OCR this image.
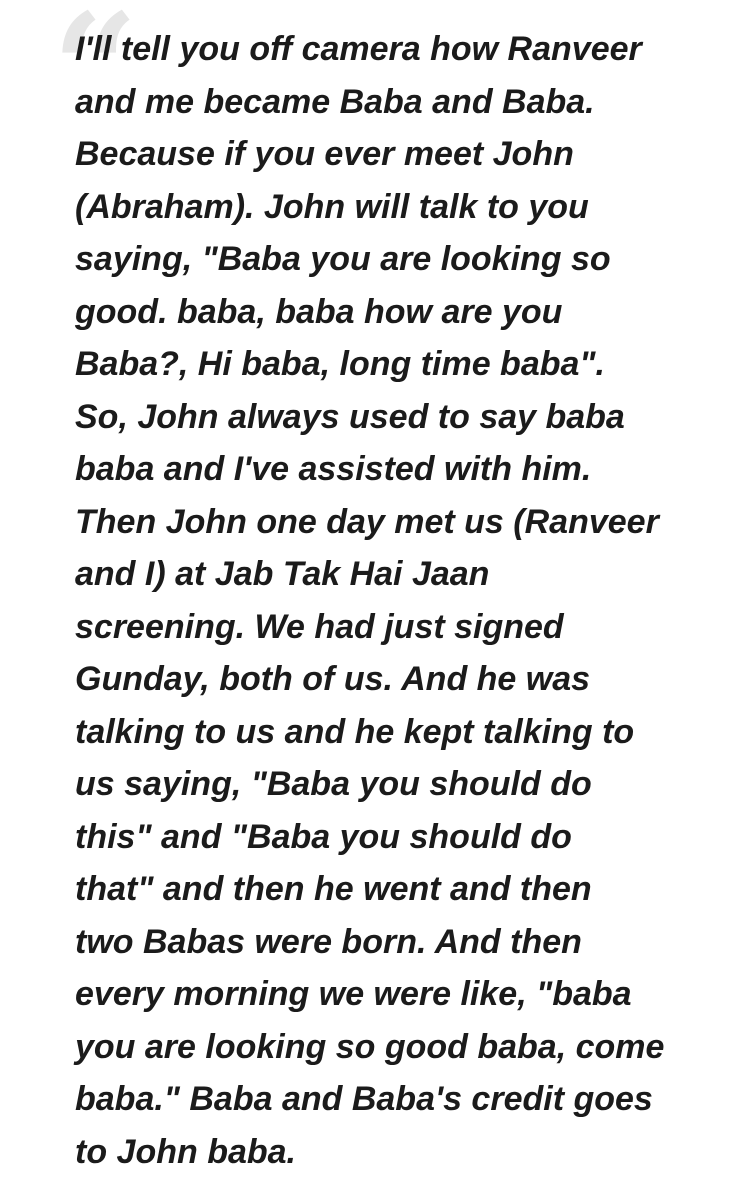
“

I'll tell you off camera how Ranveer
and me became Baba and Baba.
Because if you ever meet John
(Abraham). John will talk to you
saying, "Baba you are looking so
good. baba, baba how are you
Baba?, Hi baba, long time baba".
So, John always used to say baba
baba and I've assisted with him.
Then John one day met us (Ranveer
and I) at Jab Tak Hai Jaan
screening. We had just signed
Gunday, both of us. And he was
talking to us and he kept talking to
us saying, "Baba you should do
this" and "Baba you should do
that" and then he went and then
two Babas were born. And then
every morning we were like, "baba
you are looking so good baba, come
baba." Baba and Baba's credit goes
to John baba.
